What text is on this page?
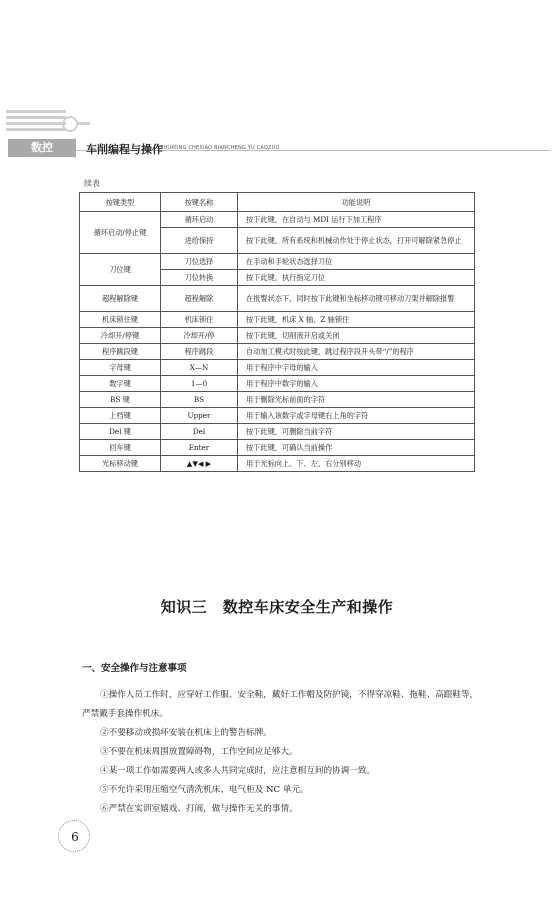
数控	车削编程与操作
SHUKONG CHEXIAO BIANCHENG YU CAOZUO
续表
按键类型	按键名称	功能说明
循环启动/停止键	循环启动	按下此键，在自动与 MDI 运行下加工程序
	进给保持	按下此键，所有系统和机械动作处于停止状态，打开可解除紧急停止
刀位键	刀位选择	在手动和手轮状态选择刀位
	刀位转换	按下此键，执行指定刀位
超程解除键	超程解除	在报警状态下，同时按下此键和坐标移动键可移动刀架并解除报警
机床锁住键	机床锁住	按下此键，机床 X 轴、Z 轴锁住
冷却开/停键	冷却开/停	按下此键，切削液开启或关闭
程序跳段键	程序跳段	自动加工模式时按此键，跳过程序段开头带“/”的程序
字母键	X—N	用于程序中字母的输入
数字键	1—0	用于程序中数字的输入
BS 键	BS	用于删除光标前面的字符
上档键	Upper	用于输入该数字或字母键右上角的字符
Del 键	Del	按下此键，可删除当前字符
回车键	Enter	按下此键，可确认当前操作
光标移动键	▲▼◀ ▶	用于光标向上、下、左、右分别移动
知识三　数控车床安全生产和操作
一、安全操作与注意事项

①操作人员工作时，应穿好工作服、安全鞋，戴好工作帽及防护镜，不得穿凉鞋、拖鞋、高跟鞋等，严禁戴手套操作机床。

②不要移动或损坏安装在机床上的警告标牌。

③不要在机床周围放置障碍物，工作空间应足够大。

④某一项工作如需要两人或多人共同完成时，应注意相互间的协调一致。

⑤不允许采用压缩空气清洗机床、电气柜及 NC 单元。

⑥严禁在实训室嬉戏、打闹，做与操作无关的事情。

6
